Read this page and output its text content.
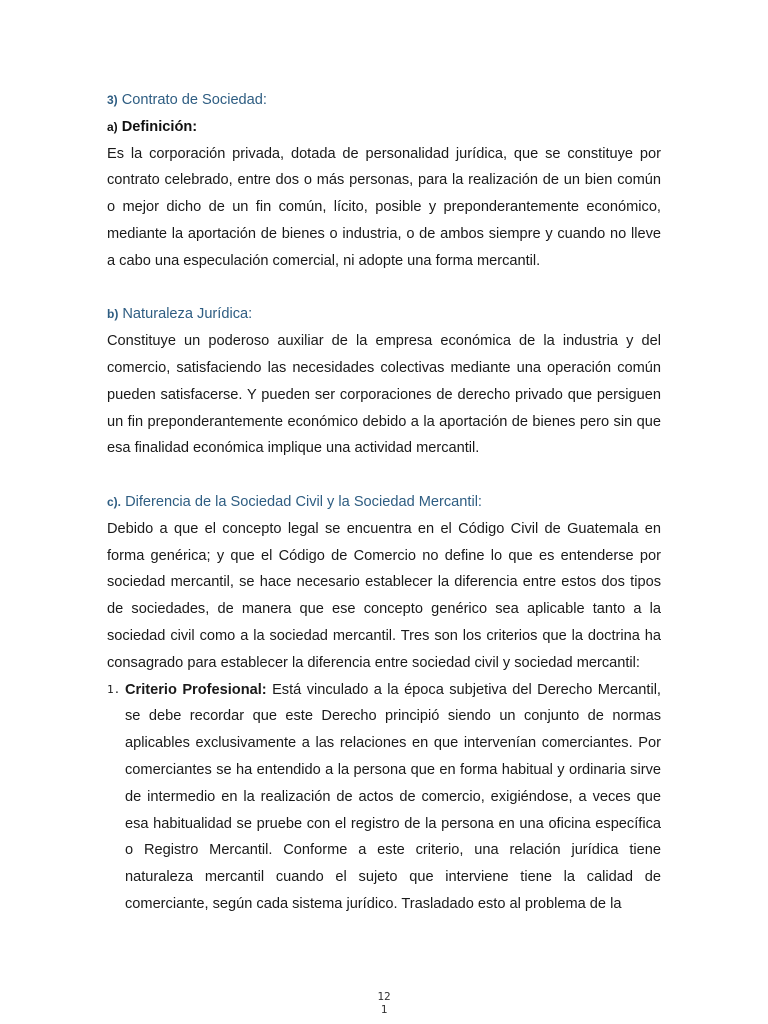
3) Contrato de Sociedad:

a) Definición:

Es la corporación privada, dotada de personalidad jurídica, que se constituye por contrato celebrado, entre dos o más personas, para la realización de un bien común o mejor dicho de un fin común, lícito, posible y preponderantemente económico, mediante la aportación de bienes o industria, o de ambos siempre y cuando no lleve a cabo una especulación comercial, ni adopte una forma mercantil.

b) Naturaleza Jurídica:

Constituye un poderoso auxiliar de la empresa económica de la industria y del comercio, satisfaciendo las necesidades colectivas mediante una operación común pueden satisfacerse. Y pueden ser corporaciones de derecho privado que persiguen un fin preponderantemente económico debido a la aportación de bienes pero sin que esa finalidad económica implique una actividad mercantil.

c). Diferencia de la Sociedad Civil y la Sociedad Mercantil:

Debido a que el concepto legal se encuentra en el Código Civil de Guatemala en forma genérica; y que el Código de Comercio no define lo que es entenderse por sociedad mercantil, se hace necesario establecer la diferencia entre estos dos tipos de sociedades, de manera que ese concepto genérico sea aplicable tanto a la sociedad civil como a la sociedad mercantil. Tres son los criterios que la doctrina ha consagrado para establecer la diferencia entre sociedad civil y sociedad mercantil:

1. Criterio Profesional: Está vinculado a la época subjetiva del Derecho Mercantil, se debe recordar que este Derecho principió siendo un conjunto de normas aplicables exclusivamente a las relaciones en que intervenían comerciantes. Por comerciantes se ha entendido a la persona que en forma habitual y ordinaria sirve de intermedio en la realización de actos de comercio, exigiéndose, a veces que esa habitualidad se pruebe con el registro de la persona en una oficina específica o Registro Mercantil. Conforme a este criterio, una relación jurídica tiene naturaleza mercantil cuando el sujeto que interviene tiene la calidad de comerciante, según cada sistema jurídico. Trasladado esto al problema de la
12
1
